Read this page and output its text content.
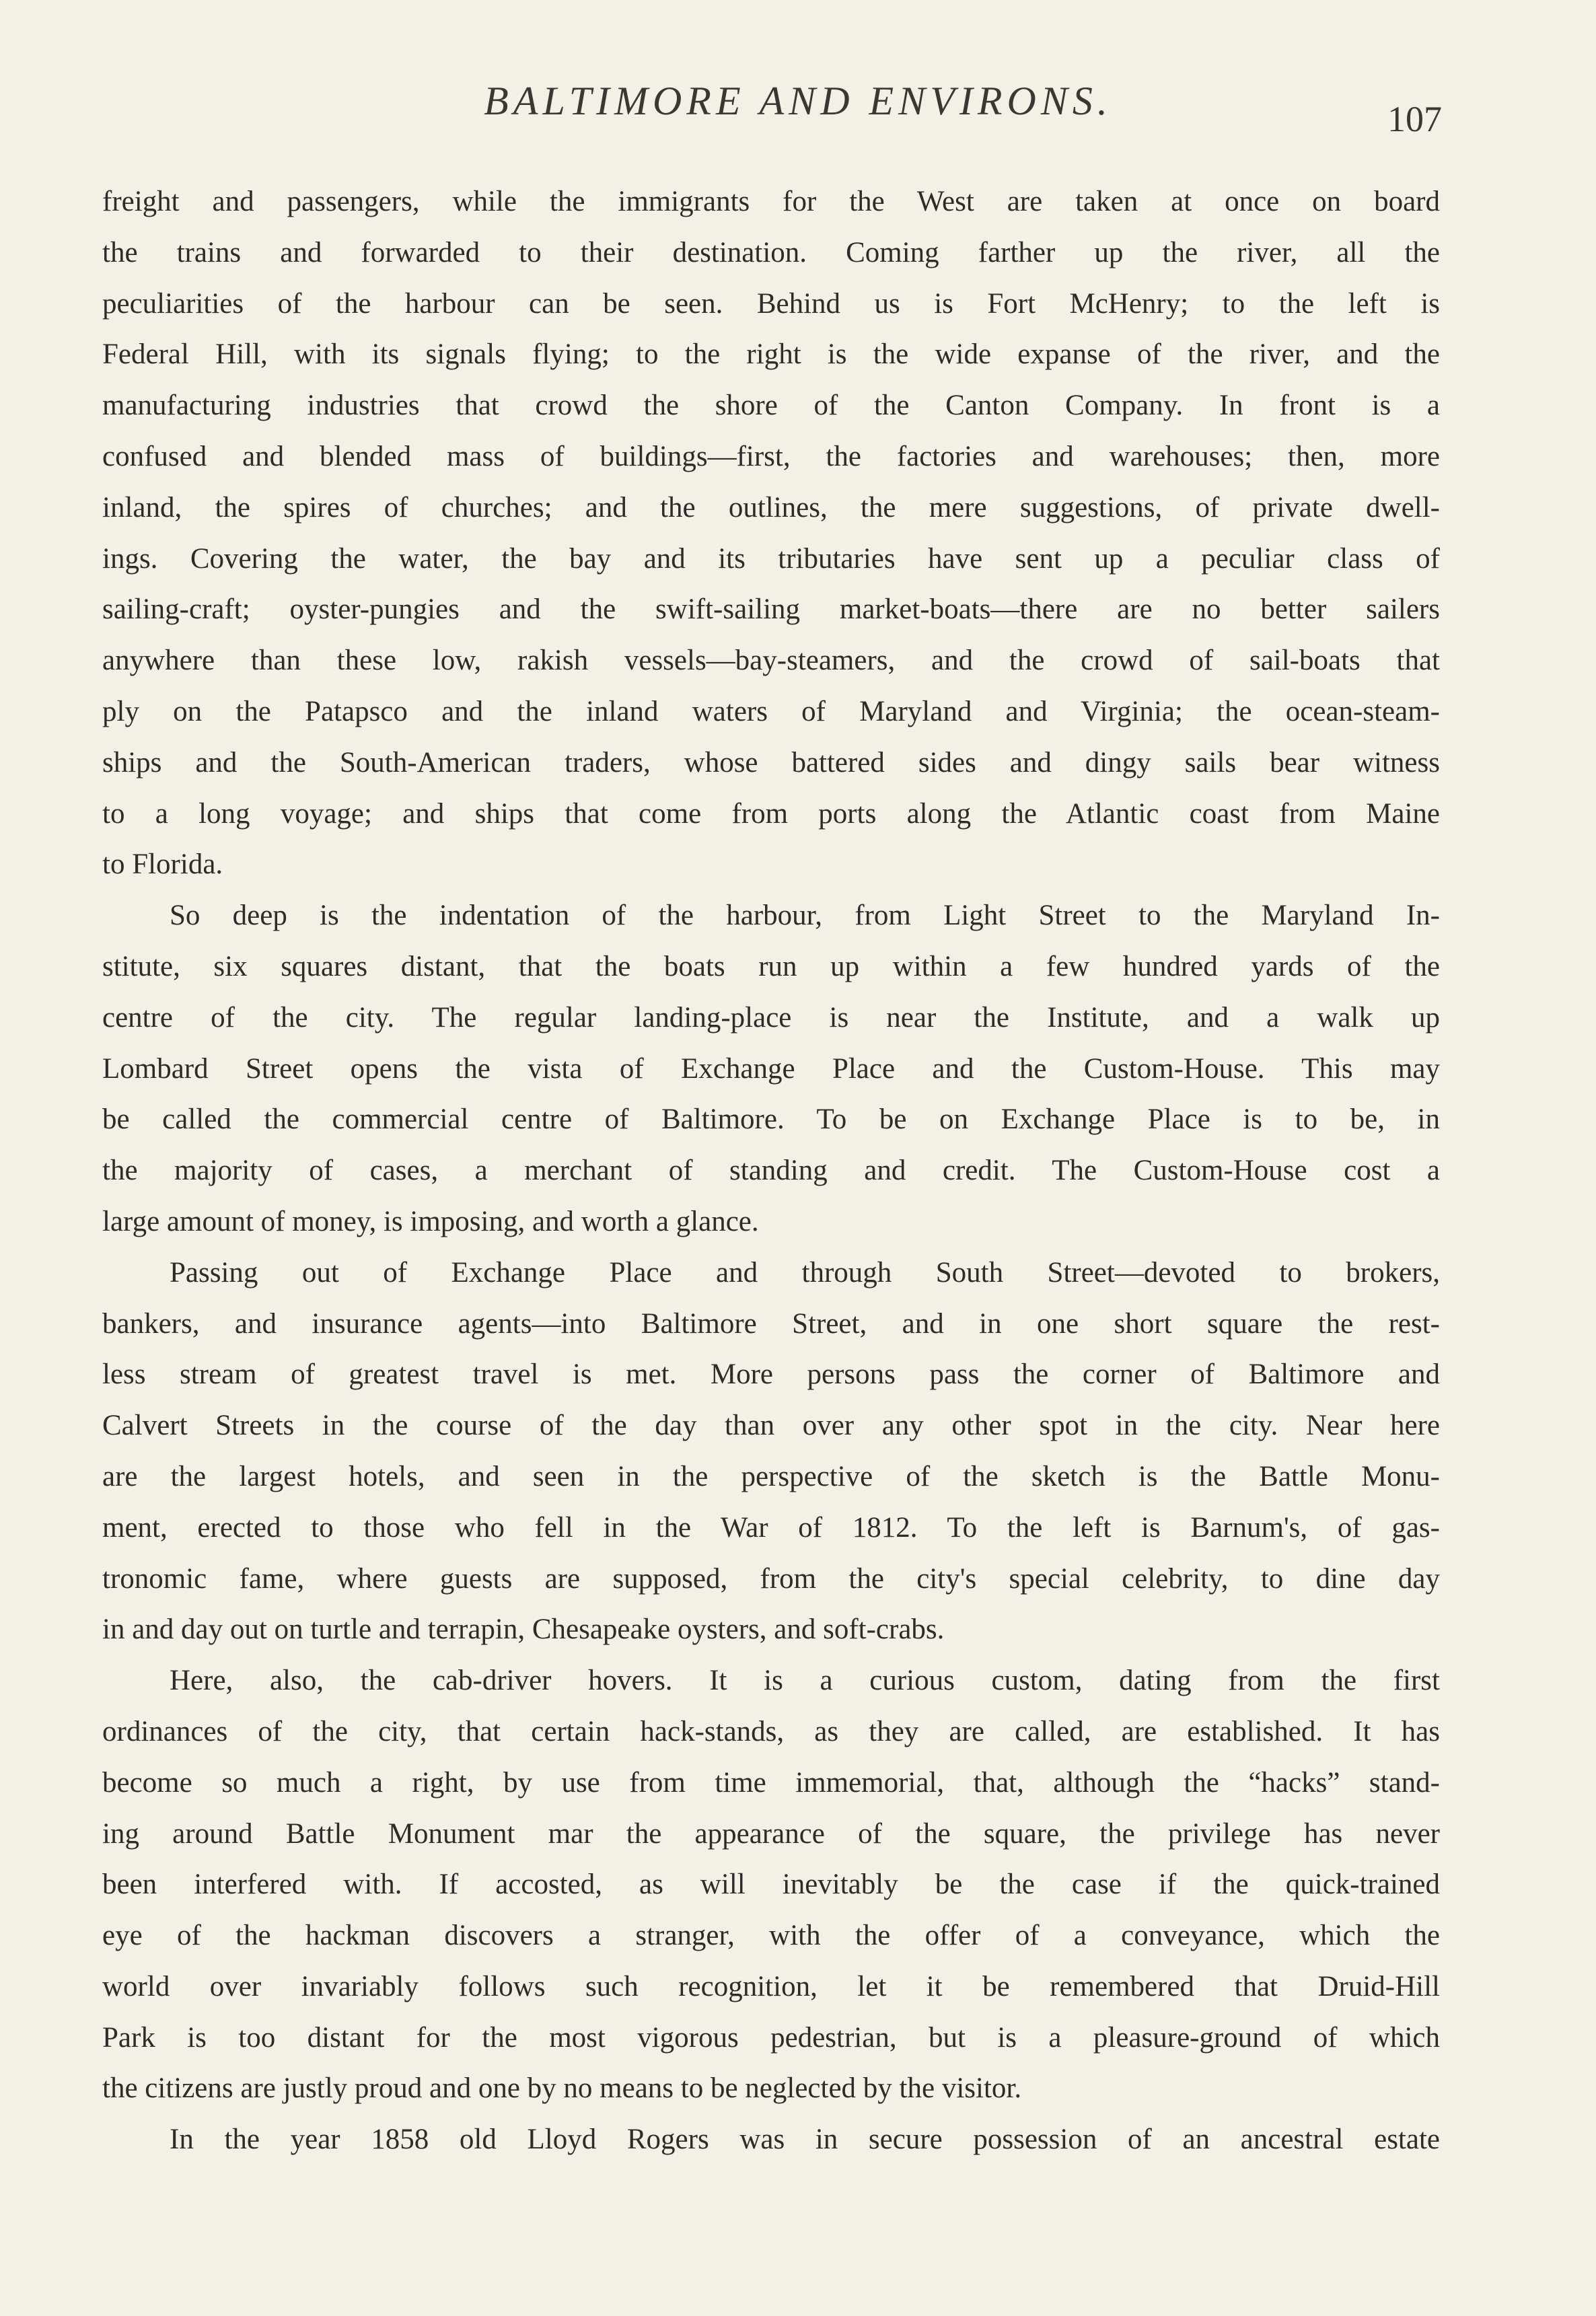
BALTIMORE AND ENVIRONS.	107

freight and passengers, while the immigrants for the West are taken at once on board
the trains and forwarded to their destination. Coming farther up the river, all the
peculiarities of the harbour can be seen. Behind us is Fort McHenry; to the left is
Federal Hill, with its signals flying; to the right is the wide expanse of the river, and the
manufacturing industries that crowd the shore of the Canton Company. In front is a
confused and blended mass of buildings—first, the factories and warehouses; then, more
inland, the spires of churches; and the outlines, the mere suggestions, of private dwell-
ings. Covering the water, the bay and its tributaries have sent up a peculiar class of
sailing-craft; oyster-pungies and the swift-sailing market-boats—there are no better sailers
anywhere than these low, rakish vessels—bay-steamers, and the crowd of sail-boats that
ply on the Patapsco and the inland waters of Maryland and Virginia; the ocean-steam-
ships and the South-American traders, whose battered sides and dingy sails bear witness
to a long voyage; and ships that come from ports along the Atlantic coast from Maine
to Florida.

So deep is the indentation of the harbour, from Light Street to the Maryland In-
stitute, six squares distant, that the boats run up within a few hundred yards of the
centre of the city. The regular landing-place is near the Institute, and a walk up
Lombard Street opens the vista of Exchange Place and the Custom-House. This may
be called the commercial centre of Baltimore. To be on Exchange Place is to be, in
the majority of cases, a merchant of standing and credit. The Custom-House cost a
large amount of money, is imposing, and worth a glance.

Passing out of Exchange Place and through South Street—devoted to brokers,
bankers, and insurance agents—into Baltimore Street, and in one short square the rest-
less stream of greatest travel is met. More persons pass the corner of Baltimore and
Calvert Streets in the course of the day than over any other spot in the city. Near here
are the largest hotels, and seen in the perspective of the sketch is the Battle Monu-
ment, erected to those who fell in the War of 1812. To the left is Barnum's, of gas-
tronomic fame, where guests are supposed, from the city's special celebrity, to dine day
in and day out on turtle and terrapin, Chesapeake oysters, and soft-crabs.

Here, also, the cab-driver hovers. It is a curious custom, dating from the first
ordinances of the city, that certain hack-stands, as they are called, are established. It has
become so much a right, by use from time immemorial, that, although the “hacks” stand-
ing around Battle Monument mar the appearance of the square, the privilege has never
been interfered with. If accosted, as will inevitably be the case if the quick-trained
eye of the hackman discovers a stranger, with the offer of a conveyance, which the
world over invariably follows such recognition, let it be remembered that Druid-Hill
Park is too distant for the most vigorous pedestrian, but is a pleasure-ground of which
the citizens are justly proud and one by no means to be neglected by the visitor.

In the year 1858 old Lloyd Rogers was in secure possession of an ancestral estate
